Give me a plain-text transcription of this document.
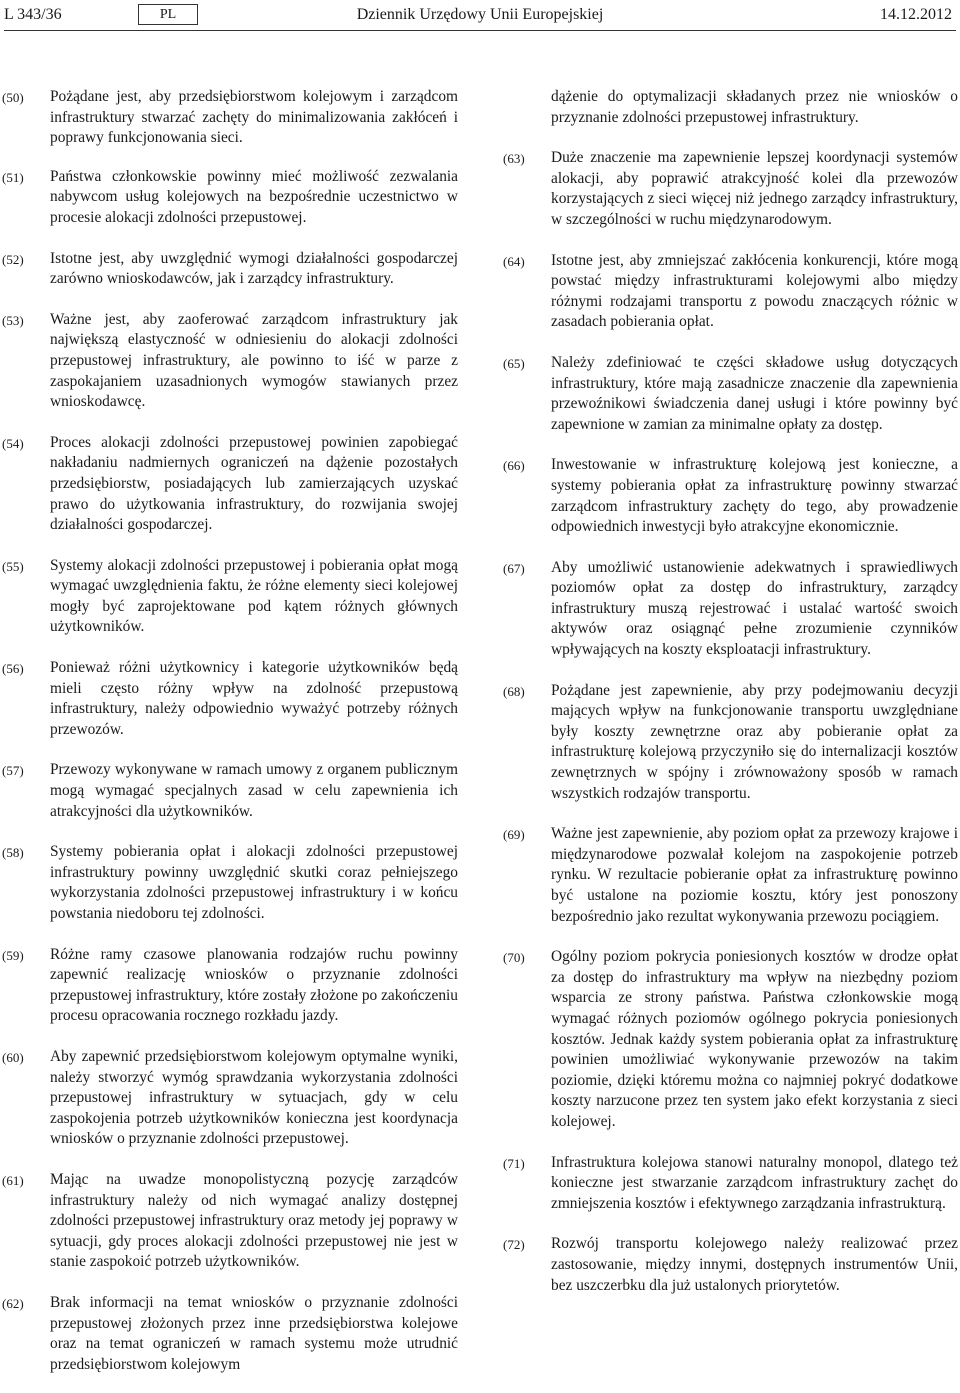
L 343/36	PL	Dziennik Urzędowy Unii Europejskiej	14.12.2012
(50)	Pożądane jest, aby przedsiębiorstwom kolejowym i zarządcom infrastruktury stwarzać zachęty do minimalizowania zakłóceń i poprawy funkcjonowania sieci.
(51)	Państwa członkowskie powinny mieć możliwość zezwalania nabywcom usług kolejowych na bezpośrednie uczestnictwo w procesie alokacji zdolności przepustowej.
(52)	Istotne jest, aby uwzględnić wymogi działalności gospodarczej zarówno wnioskodawców, jak i zarządcy infrastruktury.
(53)	Ważne jest, aby zaoferować zarządcom infrastruktury jak największą elastyczność w odniesieniu do alokacji zdolności przepustowej infrastruktury, ale powinno to iść w parze z zaspokajaniem uzasadnionych wymogów stawianych przez wnioskodawcę.
(54)	Proces alokacji zdolności przepustowej powinien zapobiegać nakładaniu nadmiernych ograniczeń na dążenie pozostałych przedsiębiorstw, posiadających lub zamierzających uzyskać prawo do użytkowania infrastruktury, do rozwijania swojej działalności gospodarczej.
(55)	Systemy alokacji zdolności przepustowej i pobierania opłat mogą wymagać uwzględnienia faktu, że różne elementy sieci kolejowej mogły być zaprojektowane pod kątem różnych głównych użytkowników.
(56)	Ponieważ różni użytkownicy i kategorie użytkowników będą mieli często różny wpływ na zdolność przepustową infrastruktury, należy odpowiednio wyważyć potrzeby różnych przewozów.
(57)	Przewozy wykonywane w ramach umowy z organem publicznym mogą wymagać specjalnych zasad w celu zapewnienia ich atrakcyjności dla użytkowników.
(58)	Systemy pobierania opłat i alokacji zdolności przepustowej infrastruktury powinny uwzględnić skutki coraz pełniejszego wykorzystania zdolności przepustowej infrastruktury i w końcu powstania niedoboru tej zdolności.
(59)	Różne ramy czasowe planowania rodzajów ruchu powinny zapewnić realizację wniosków o przyznanie zdolności przepustowej infrastruktury, które zostały złożone po zakończeniu procesu opracowania rocznego rozkładu jazdy.
(60)	Aby zapewnić przedsiębiorstwom kolejowym optymalne wyniki, należy stworzyć wymóg sprawdzania wykorzystania zdolności przepustowej infrastruktury w sytuacjach, gdy w celu zaspokojenia potrzeb użytkowników konieczna jest koordynacja wniosków o przyznanie zdolności przepustowej.
(61)	Mając na uwadze monopolistyczną pozycję zarządców infrastruktury należy od nich wymagać analizy dostępnej zdolności przepustowej infrastruktury oraz metody jej poprawy w sytuacji, gdy proces alokacji zdolności przepustowej nie jest w stanie zaspokoić potrzeb użytkowników.
(62)	Brak informacji na temat wniosków o przyznanie zdolności przepustowej złożonych przez inne przedsiębiorstwa kolejowe oraz na temat ograniczeń w ramach systemu może utrudnić przedsiębiorstwom kolejowym
dążenie do optymalizacji składanych przez nie wniosków o przyznanie zdolności przepustowej infrastruktury.
(63)	Duże znaczenie ma zapewnienie lepszej koordynacji systemów alokacji, aby poprawić atrakcyjność kolei dla przewozów korzystających z sieci więcej niż jednego zarządcy infrastruktury, w szczególności w ruchu międzynarodowym.
(64)	Istotne jest, aby zmniejszać zakłócenia konkurencji, które mogą powstać między infrastrukturami kolejowymi albo między różnymi rodzajami transportu z powodu znaczących różnic w zasadach pobierania opłat.
(65)	Należy zdefiniować te części składowe usług dotyczących infrastruktury, które mają zasadnicze znaczenie dla zapewnienia przewoźnikowi świadczenia danej usługi i które powinny być zapewnione w zamian za minimalne opłaty za dostęp.
(66)	Inwestowanie w infrastrukturę kolejową jest konieczne, a systemy pobierania opłat za infrastrukturę powinny stwarzać zarządcom infrastruktury zachęty do tego, aby prowadzenie odpowiednich inwestycji było atrakcyjne ekonomicznie.
(67)	Aby umożliwić ustanowienie adekwatnych i sprawiedliwych poziomów opłat za dostęp do infrastruktury, zarządcy infrastruktury muszą rejestrować i ustalać wartość swoich aktywów oraz osiągnąć pełne zrozumienie czynników wpływających na koszty eksploatacji infrastruktury.
(68)	Pożądane jest zapewnienie, aby przy podejmowaniu decyzji mających wpływ na funkcjonowanie transportu uwzględniane były koszty zewnętrzne oraz aby pobieranie opłat za infrastrukturę kolejową przyczyniło się do internalizacji kosztów zewnętrznych w spójny i zrównoważony sposób w ramach wszystkich rodzajów transportu.
(69)	Ważne jest zapewnienie, aby poziom opłat za przewozy krajowe i międzynarodowe pozwalał kolejom na zaspokojenie potrzeb rynku. W rezultacie pobieranie opłat za infrastrukturę powinno być ustalone na poziomie kosztu, który jest ponoszony bezpośrednio jako rezultat wykonywania przewozu pociągiem.
(70)	Ogólny poziom pokrycia poniesionych kosztów w drodze opłat za dostęp do infrastruktury ma wpływ na niezbędny poziom wsparcia ze strony państwa. Państwa członkowskie mogą wymagać różnych poziomów ogólnego pokrycia poniesionych kosztów. Jednak każdy system pobierania opłat za infrastrukturę powinien umożliwiać wykonywanie przewozów na takim poziomie, dzięki któremu można co najmniej pokryć dodatkowe koszty narzucone przez ten system jako efekt korzystania z sieci kolejowej.
(71)	Infrastruktura kolejowa stanowi naturalny monopol, dlatego też konieczne jest stwarzanie zarządcom infrastruktury zachęt do zmniejszenia kosztów i efektywnego zarządzania infrastrukturą.
(72)	Rozwój transportu kolejowego należy realizować przez zastosowanie, między innymi, dostępnych instrumentów Unii, bez uszczerbku dla już ustalonych priorytetów.
